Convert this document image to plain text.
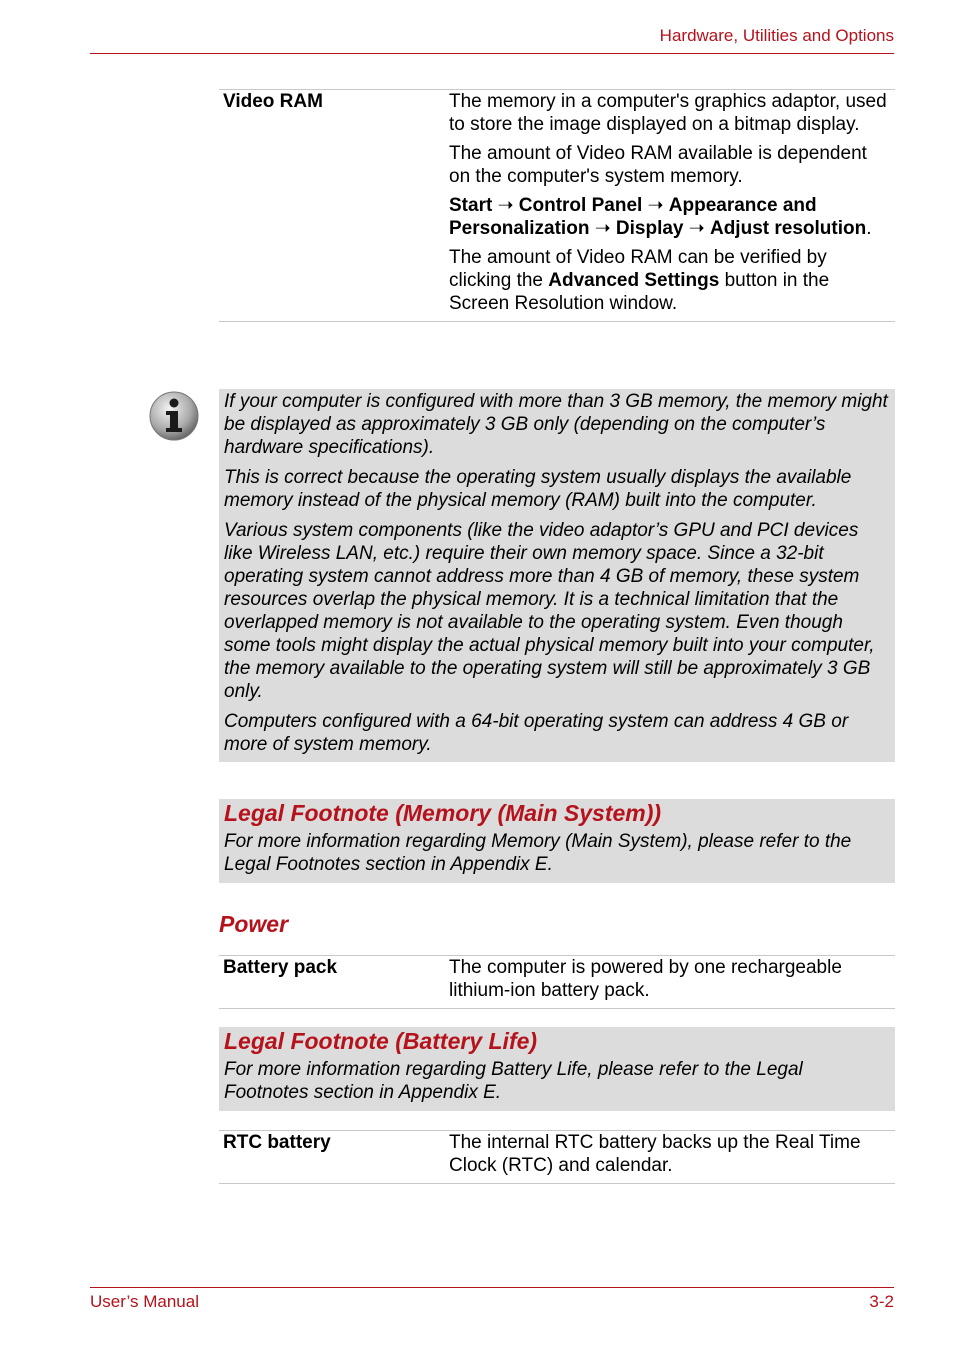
Hardware, Utilities and Options
Video RAM	The memory in a computer's graphics adaptor, used to store the image displayed on a bitmap display.

The amount of Video RAM available is dependent on the computer's system memory.

Start ➝ Control Panel ➝ Appearance and Personalization ➝ Display ➝ Adjust resolution.

The amount of Video RAM can be verified by clicking the Advanced Settings button in the Screen Resolution window.

If your computer is configured with more than 3 GB memory, the memory might be displayed as approximately 3 GB only (depending on the computer’s hardware specifications).

This is correct because the operating system usually displays the available memory instead of the physical memory (RAM) built into the computer.

Various system components (like the video adaptor’s GPU and PCI devices like Wireless LAN, etc.) require their own memory space. Since a 32-bit operating system cannot address more than 4 GB of memory, these system resources overlap the physical memory. It is a technical limitation that the overlapped memory is not available to the operating system. Even though some tools might display the actual physical memory built into your computer, the memory available to the operating system will still be approximately 3 GB only.

Computers configured with a 64-bit operating system can address 4 GB or more of system memory.

Legal Footnote (Memory (Main System))

For more information regarding Memory (Main System), please refer to the Legal Footnotes section in Appendix E.

Power
Battery pack	The computer is powered by one rechargeable lithium-ion battery pack.

Legal Footnote (Battery Life)

For more information regarding Battery Life, please refer to the Legal Footnotes section in Appendix E.

RTC battery	The internal RTC battery backs up the Real Time Clock (RTC) and calendar.

User’s Manual	3-2
